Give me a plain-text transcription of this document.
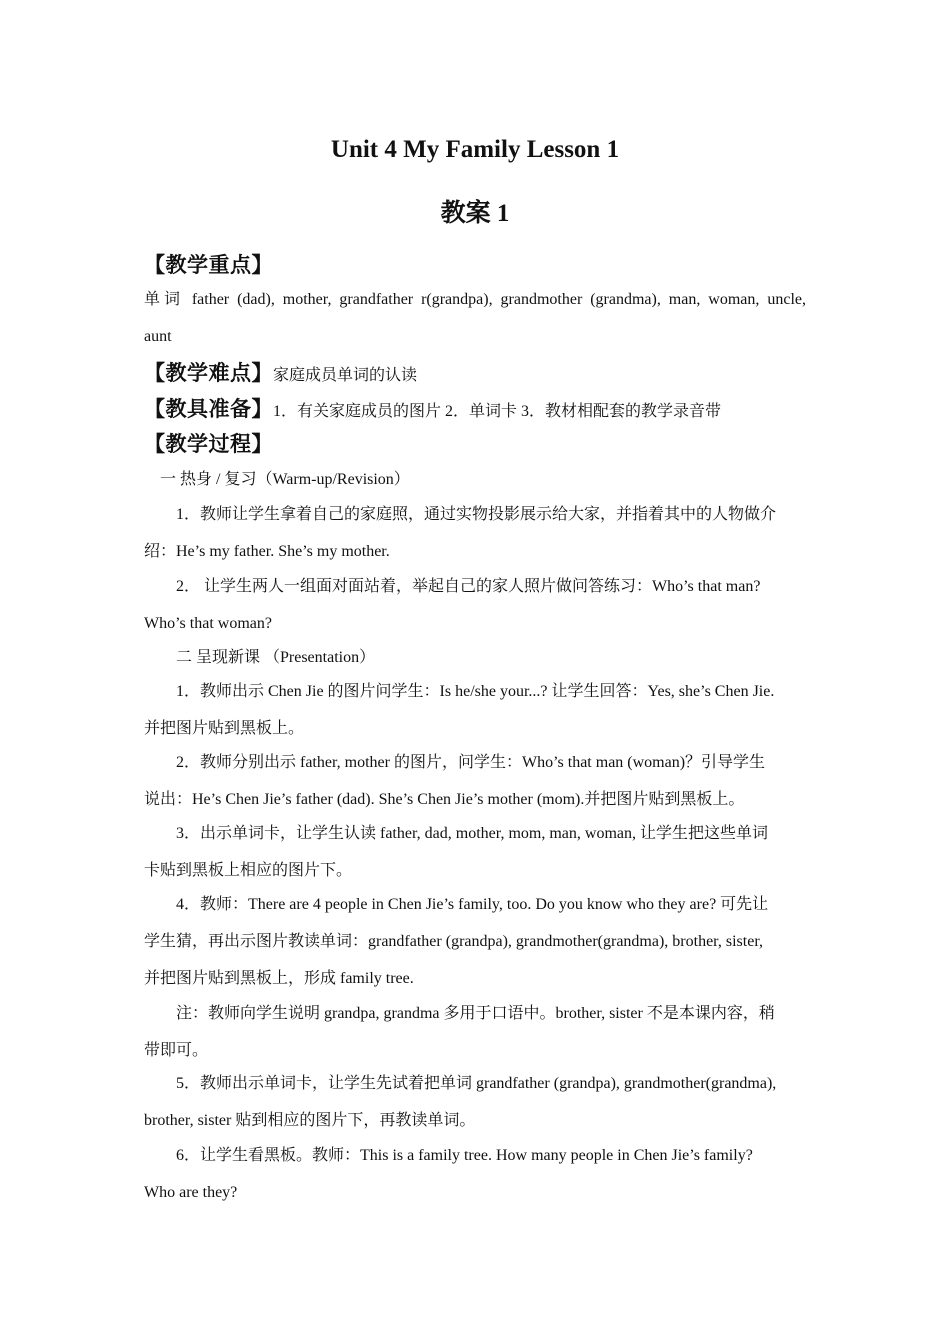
Unit 4 My Family Lesson 1
教案 1
【教学重点】
单词 father (dad), mother, grandfather r(grandpa), grandmother (grandma), man, woman, uncle,
aunt
【教学难点】家庭成员单词的认读
【教具准备】1．有关家庭成员的图片 2．单词卡 3．教材相配套的教学录音带
【教学过程】
一 热身 / 复习（Warm-up/Revision）
1．教师让学生拿着自己的家庭照，通过实物投影展示给大家，并指着其中的人物做介
绍：He’s my father. She’s my mother.
2． 让学生两人一组面对面站着，举起自己的家人照片做问答练习：Who’s that man?
Who’s that woman?
二 呈现新课 （Presentation）
1．教师出示 Chen Jie 的图片问学生：Is he/she your...? 让学生回答：Yes, she’s Chen Jie.
并把图片贴到黑板上。
2．教师分别出示 father, mother 的图片，问学生：Who’s that man (woman)？引导学生
说出：He’s Chen Jie’s father (dad). She’s Chen Jie’s mother (mom).并把图片贴到黑板上。
3．出示单词卡，让学生认读 father, dad, mother, mom, man, woman, 让学生把这些单词
卡贴到黑板上相应的图片下。
4．教师：There are 4 people in Chen Jie’s family, too. Do you know who they are? 可先让
学生猜，再出示图片教读单词：grandfather (grandpa), grandmother(grandma), brother, sister,
并把图片贴到黑板上，形成 family tree.
注：教师向学生说明 grandpa, grandma 多用于口语中。brother, sister 不是本课内容，稍
带即可。
5．教师出示单词卡，让学生先试着把单词 grandfather (grandpa), grandmother(grandma),
brother, sister 贴到相应的图片下，再教读单词。
6．让学生看黑板。教师：This is a family tree. How many people in Chen Jie’s family?
Who are they?
